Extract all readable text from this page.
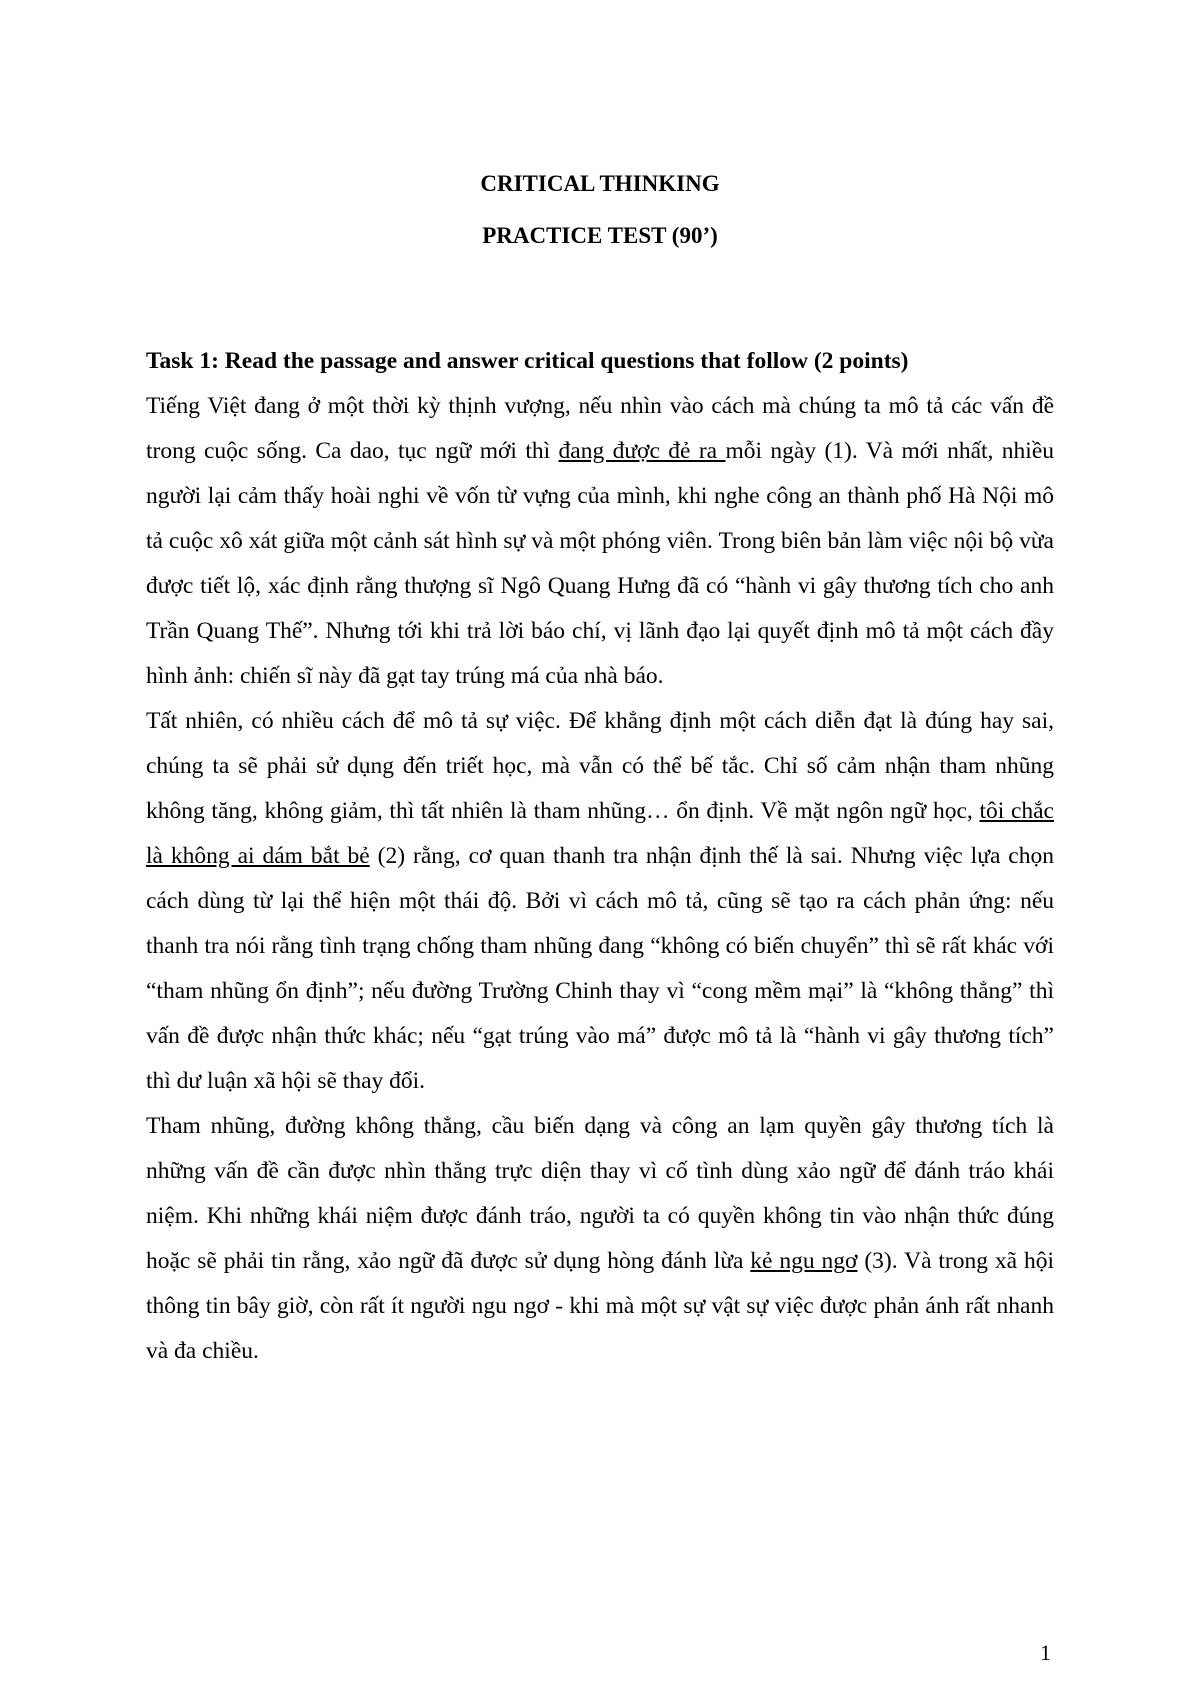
CRITICAL THINKING
PRACTICE TEST (90’)

Task 1: Read the passage and answer critical questions that follow (2 points)

Tiếng Việt đang ở một thời kỳ thịnh vượng, nếu nhìn vào cách mà chúng ta mô tả các vấn đề trong cuộc sống. Ca dao, tục ngữ mới thì đang được đẻ ra mỗi ngày (1). Và mới nhất, nhiều người lại cảm thấy hoài nghi về vốn từ vựng của mình, khi nghe công an thành phố Hà Nội mô tả cuộc xô xát giữa một cảnh sát hình sự và một phóng viên. Trong biên bản làm việc nội bộ vừa được tiết lộ, xác định rằng thượng sĩ Ngô Quang Hưng đã có “hành vi gây thương tích cho anh Trần Quang Thế”. Nhưng tới khi trả lời báo chí, vị lãnh đạo lại quyết định mô tả một cách đầy hình ảnh: chiến sĩ này đã gạt tay trúng má của nhà báo.

Tất nhiên, có nhiều cách để mô tả sự việc. Để khẳng định một cách diễn đạt là đúng hay sai, chúng ta sẽ phải sử dụng đến triết học, mà vẫn có thể bế tắc. Chỉ số cảm nhận tham nhũng không tăng, không giảm, thì tất nhiên là tham nhũng… ổn định. Về mặt ngôn ngữ học, tôi chắc là không ai dám bắt bẻ (2) rằng, cơ quan thanh tra nhận định thế là sai. Nhưng việc lựa chọn cách dùng từ lại thể hiện một thái độ. Bởi vì cách mô tả, cũng sẽ tạo ra cách phản ứng: nếu thanh tra nói rằng tình trạng chống tham nhũng đang “không có biến chuyển” thì sẽ rất khác với “tham nhũng ổn định”; nếu đường Trường Chinh thay vì “cong mềm mại” là “không thẳng” thì vấn đề được nhận thức khác; nếu “gạt trúng vào má” được mô tả là “hành vi gây thương tích” thì dư luận xã hội sẽ thay đổi.

Tham nhũng, đường không thẳng, cầu biến dạng và công an lạm quyền gây thương tích là những vấn đề cần được nhìn thẳng trực diện thay vì cố tình dùng xảo ngữ để đánh tráo khái niệm. Khi những khái niệm được đánh tráo, người ta có quyền không tin vào nhận thức đúng hoặc sẽ phải tin rằng, xảo ngữ đã được sử dụng hòng đánh lừa kẻ ngu ngơ (3). Và trong xã hội thông tin bây giờ, còn rất ít người ngu ngơ - khi mà một sự vật sự việc được phản ánh rất nhanh và đa chiều.

1
